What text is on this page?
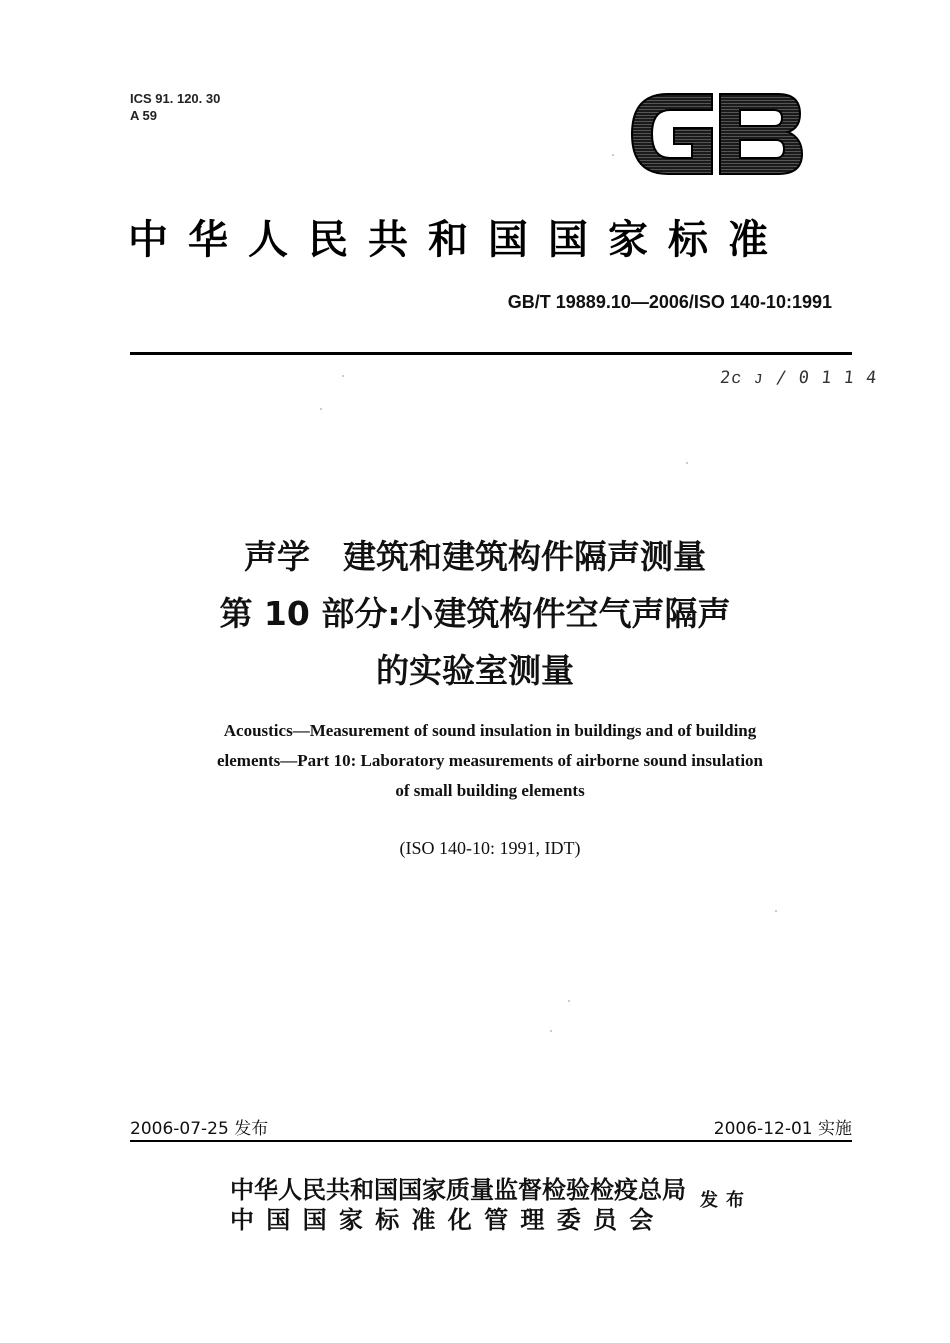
ICS 91. 120. 30
A 59
GB
中华人民共和国国家标准
GB/T 19889.10—2006/ISO 140-10:1991
2ᴄ ᴊ / 0 1 1 4
声学　建筑和建筑构件隔声测量
第 10 部分:小建筑构件空气声隔声
的实验室测量
Acoustics—Measurement of sound insulation in buildings and of building
elements—Part 10: Laboratory measurements of airborne sound insulation
of small building elements
(ISO 140-10: 1991, IDT)
2006-07-25 发布	2006-12-01 实施
中华人民共和国国家质量监督检验检疫总局
中国国家标准化管理委员会
发布
